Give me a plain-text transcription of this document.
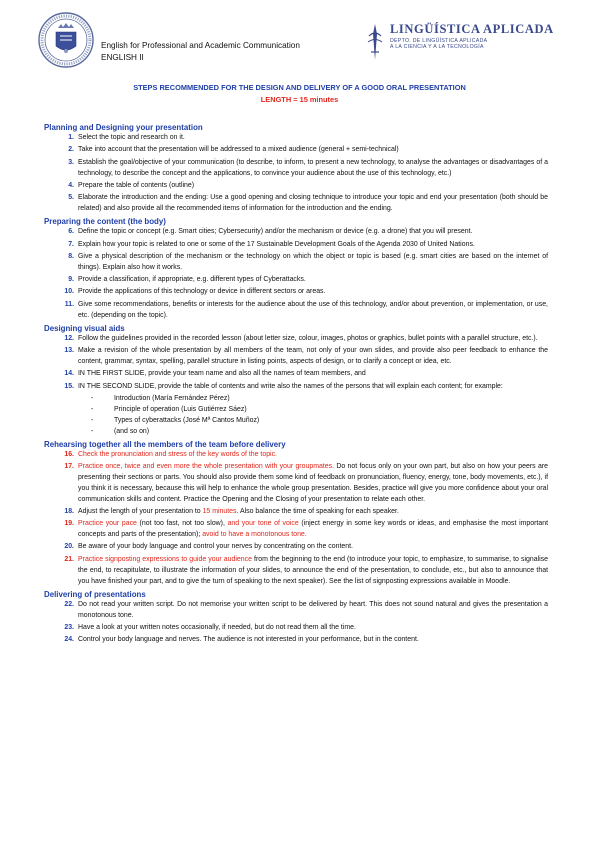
English for Professional and Academic Communication
ENGLISH II
LINGÜÍSTICA APLICADA
DEPTO. DE LINGÜÍSTICA APLICADA
A LA CIENCIA Y A LA TECNOLOGÍA
STEPS RECOMMENDED FOR THE DESIGN AND DELIVERY OF A GOOD ORAL PRESENTATION
LENGTH = 15 minutes
Planning and Designing your presentation
1. Select the topic and research on it.
2. Take into account that the presentation will be addressed to a mixed audience (general + semi-technical)
3. Establish the goal/objective of your communication (to describe, to inform, to present a new technology, to analyse the advantages or disadvantages of a technology, to describe the concept and the applications, to convince your audience about the use of this technology, etc.)
4. Prepare the table of contents (outline)
5. Elaborate the introduction and the ending: Use a good opening and closing technique to introduce your topic and end your presentation (both should be related) and also provide all the recommended items of information for the introduction and the ending.
Preparing the content (the body)
6. Define the topic or concept (e.g. Smart cities; Cybersecurity) and/or the mechanism or device (e.g. a drone) that you will present.
7. Explain how your topic is related to one or some of the 17 Sustainable Development Goals of the Agenda 2030 of United Nations.
8. Give a physical description of the mechanism or the technology on which the object or topic is based (e.g. smart cities are based on the internet of things). Explain also how it works.
9. Provide a classification, if appropriate, e.g. different types of Cyberattacks.
10. Provide the applications of this technology or device in different sectors or areas.
11. Give some recommendations, benefits or interests for the audience about the use of this technology, and/or about prevention, or implementation, or use, etc. (depending on the topic).
Designing visual aids
12. Follow the guidelines provided in the recorded lesson (about letter size, colour, images, photos or graphics, bullet points with a parallel structure, etc.).
13. Make a revision of the whole presentation by all members of the team, not only of your own slides, and provide also peer feedback to enhance the content, grammar, syntax, spelling, parallel structure in listing points, aspects of design, or to clarify a concept or idea, etc.
14. IN THE FIRST SLIDE, provide your team name and also all the names of team members, and
15. IN THE SECOND SLIDE, provide the table of contents and write also the names of the persons that will explain each content; for example:
-	Introduction (María Fernández Pérez)
-	Principle of operation (Luis Gutiérrez Sáez)
-	Types of cyberattacks (José Mª Cantos Muñoz)
-	(and so on)
Rehearsing together all the members of the team before delivery
16. Check the pronunciation and stress of the key words of the topic.
17. Practice once, twice and even more the whole presentation with your groupmates. Do not focus only on your own part, but also on how your peers are presenting their sections or parts. You should also provide them some kind of feedback on pronunciation, fluency, energy, tone, body movements, etc.), if you think it is necessary, because this will help to enhance the whole group presentation. Besides, practice will give you more confidence about your oral communication skills and content. Practice the Opening and the Closing of your presentation to relate each other.
18. Adjust the length of your presentation to 15 minutes. Also balance the time of speaking for each speaker.
19. Practice your pace (not too fast, not too slow), and your tone of voice (inject energy in some key words or ideas, and emphasise the most important concepts and parts of the presentation); avoid to have a monotonous tone.
20. Be aware of your body language and control your nerves by concentrating on the content.
21. Practice signposting expressions to guide your audience from the beginning to the end (to introduce your topic, to emphasize, to summarise, to signalise the end, to recapitulate, to illustrate the information of your slides, to announce the end of the presentation, to conclude, etc., but also to announce that you have finished your part, and to give the turn of speaking to the next speaker). See the list of signposting expressions available in Moodle.
Delivering of presentations
22. Do not read your written script. Do not memorise your written script to be delivered by heart. This does not sound natural and gives the presentation a monotonous tone.
23. Have a look at your written notes occasionally, if needed, but do not read them all the time.
24. Control your body language and nerves. The audience is not interested in your performance, but in the content.
